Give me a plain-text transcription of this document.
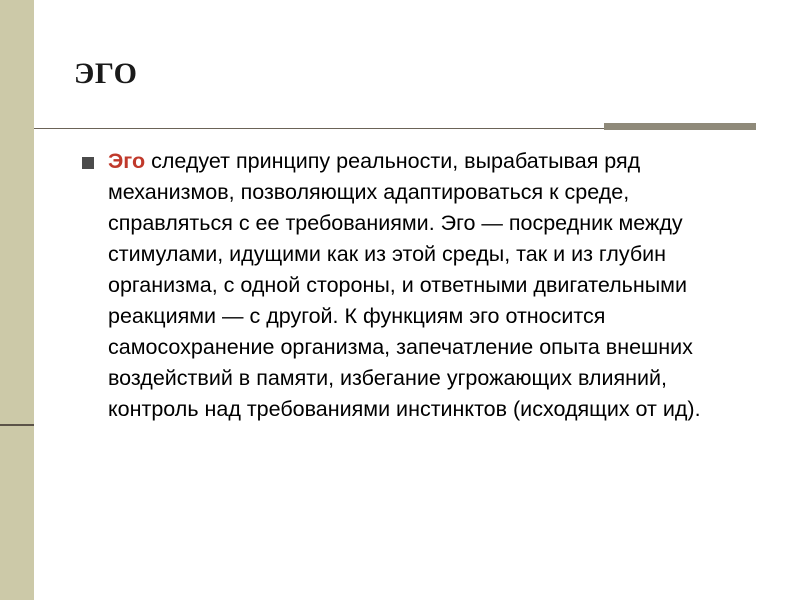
ЭГО
Эго следует принципу реальности, вырабатывая ряд механизмов, позволяющих адаптироваться к среде, справляться с ее требованиями. Эго — посредник между стимулами, идущими как из этой среды, так и из глубин организма, с одной стороны, и ответными двигательными реакциями — с другой. К функциям эго относится самосохранение организма, запечатление опыта внешних воздействий в памяти, избегание угрожающих влияний, контроль над требованиями инстинктов (исходящих от ид).
